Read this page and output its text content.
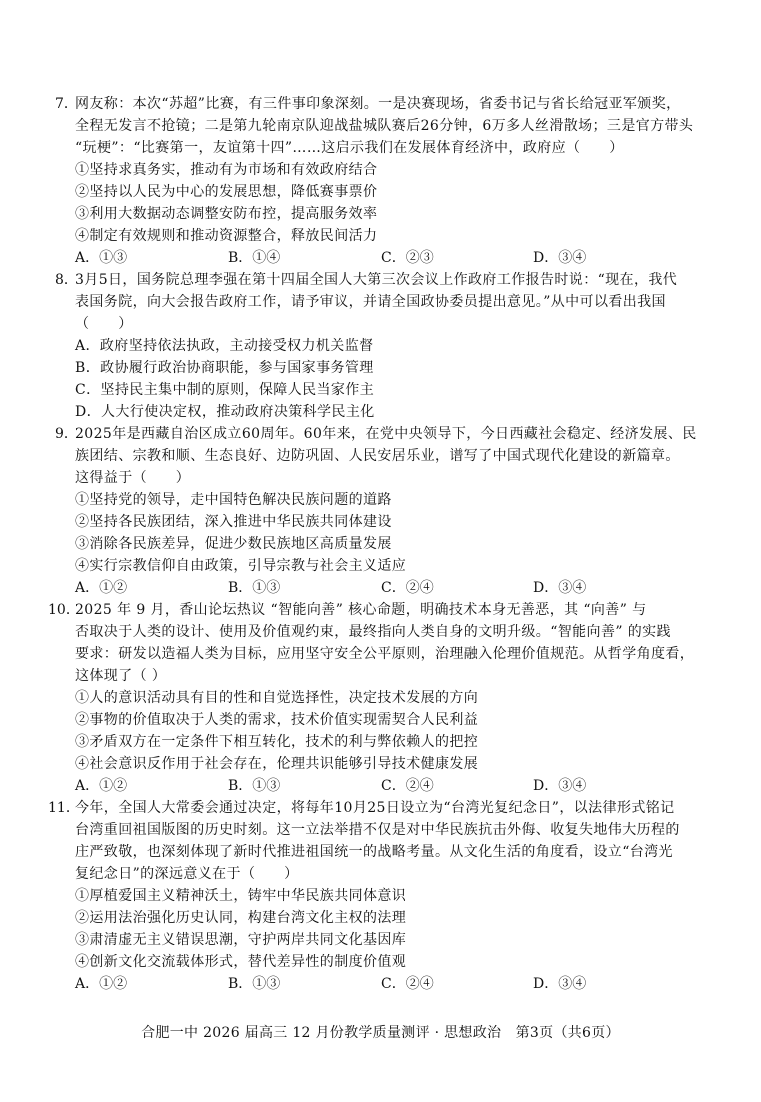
7．
网友称：本次“苏超”比赛，有三件事印象深刻。一是决赛现场，省委书记与省长给冠亚军颁奖，
全程无发言不抢镜；二是第九轮南京队迎战盐城队赛后26分钟，6万多人丝滑散场；三是官方带头
“玩梗”：“比赛第一，友谊第十四”……这启示我们在发展体育经济中，政府应（　　）
①坚持求真务实，推动有为市场和有效政府结合
②坚持以人民为中心的发展思想，降低赛事票价
③利用大数据动态调整安防布控，提高服务效率
④制定有效规则和推动资源整合，释放民间活力
A．①③	B．①④	C．②③	D．③④
8．
3月5日，国务院总理李强在第十四届全国人大第三次会议上作政府工作报告时说：“现在，我代
表国务院，向大会报告政府工作，请予审议，并请全国政协委员提出意见。”从中可以看出我国
（　　）
A．政府坚持依法执政，主动接受权力机关监督
B．政协履行政治协商职能，参与国家事务管理
C．坚持民主集中制的原则，保障人民当家作主
D．人大行使决定权，推动政府决策科学民主化
9．
2025年是西藏自治区成立60周年。60年来，在党中央领导下，今日西藏社会稳定、经济发展、民
族团结、宗教和顺、生态良好、边防巩固、人民安居乐业，谱写了中国式现代化建设的新篇章。
这得益于（　　）
①坚持党的领导，走中国特色解决民族问题的道路
②坚持各民族团结，深入推进中华民族共同体建设
③消除各民族差异，促进少数民族地区高质量发展
④实行宗教信仰自由政策，引导宗教与社会主义适应
A．①②	B．①③	C．②④	D．③④
10．
2025 年 9 月，香山论坛热议 “智能向善” 核心命题，明确技术本身无善恶，其 “向善” 与
否取决于人类的设计、使用及价值观约束，最终指向人类自身的文明升级。“智能向善” 的实践
要求：研发以造福人类为目标，应用坚守安全公平原则，治理融入伦理价值规范。从哲学角度看，
这体现了（ ）
①人的意识活动具有目的性和自觉选择性，决定技术发展的方向
②事物的价值取决于人类的需求，技术价值实现需契合人民利益
③矛盾双方在一定条件下相互转化，技术的利与弊依赖人的把控
④社会意识反作用于社会存在，伦理共识能够引导技术健康发展
A．①②	B．①③	C．②④	D．③④
11．
今年，全国人大常委会通过决定，将每年10月25日设立为“台湾光复纪念日”，以法律形式铭记
台湾重回祖国版图的历史时刻。这一立法举措不仅是对中华民族抗击外侮、收复失地伟大历程的
庄严致敬，也深刻体现了新时代推进祖国统一的战略考量。从文化生活的角度看，设立“台湾光
复纪念日”的深远意义在于（　　）
①厚植爱国主义精神沃土，铸牢中华民族共同体意识
②运用法治强化历史认同，构建台湾文化主权的法理
③肃清虚无主义错误思潮，守护两岸共同文化基因库
④创新文化交流载体形式，替代差异性的制度价值观
A．①②	B．①③	C．②④	D．③④
合肥一中 2026 届高三 12 月份教学质量测评 · 思想政治　第3页（共6页）
